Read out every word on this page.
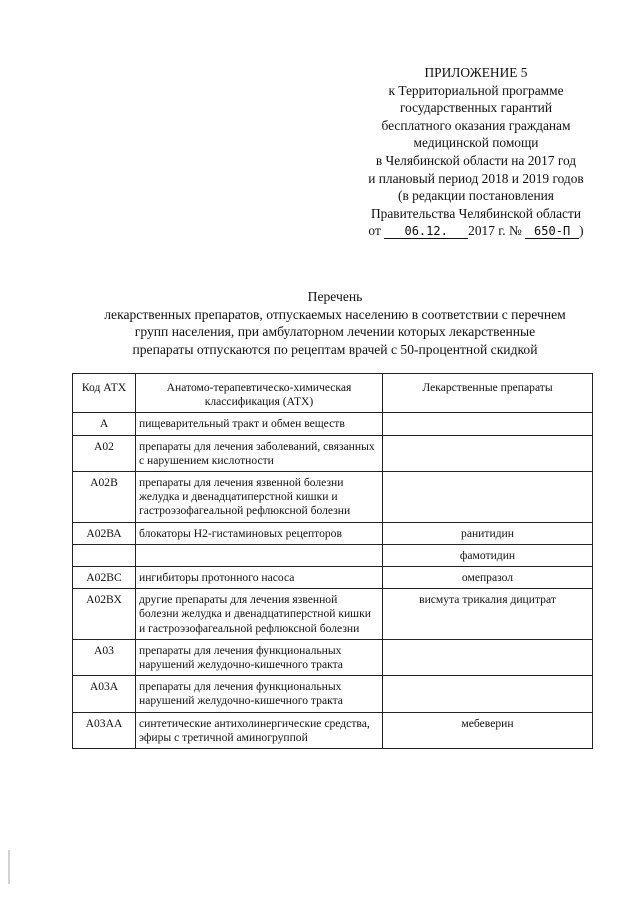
ПРИЛОЖЕНИЕ 5
к Территориальной программе
государственных гарантий
бесплатного оказания гражданам
медицинской помощи
в Челябинской области на 2017 год
и плановый период 2018 и 2019 годов
(в редакции постановления
Правительства Челябинской области
от 06.12. 2017 г. № 650-П )
Перечень
лекарственных препаратов, отпускаемых населению в соответствии с перечнем
групп населения, при амбулаторном лечении которых лекарственные
препараты отпускаются по рецептам врачей с 50-процентной скидкой
Код АТХ	Анатомо-терапевтическо-химическая классификация (АТХ)	Лекарственные препараты
А	пищеварительный тракт и обмен веществ	
А02	препараты для лечения заболеваний, связанных с нарушением кислотности	
А02В	препараты для лечения язвенной болезни желудка и двенадцатиперстной кишки и гастроэзофагеальной рефлюксной болезни	
А02ВА	блокаторы Н2-гистаминовых рецепторов	ранитидин
		фамотидин
А02ВС	ингибиторы протонного насоса	омепразол
А02ВХ	другие препараты для лечения язвенной болезни желудка и двенадцатиперстной кишки и гастроэзофагеальной рефлюксной болезни	висмута трикалия дицитрат
А03	препараты для лечения функциональных нарушений желудочно-кишечного тракта	
А03А	препараты для лечения функциональных нарушений желудочно-кишечного тракта	
А03АА	синтетические антихолинергические средства, эфиры с третичной аминогруппой	мебеверин
